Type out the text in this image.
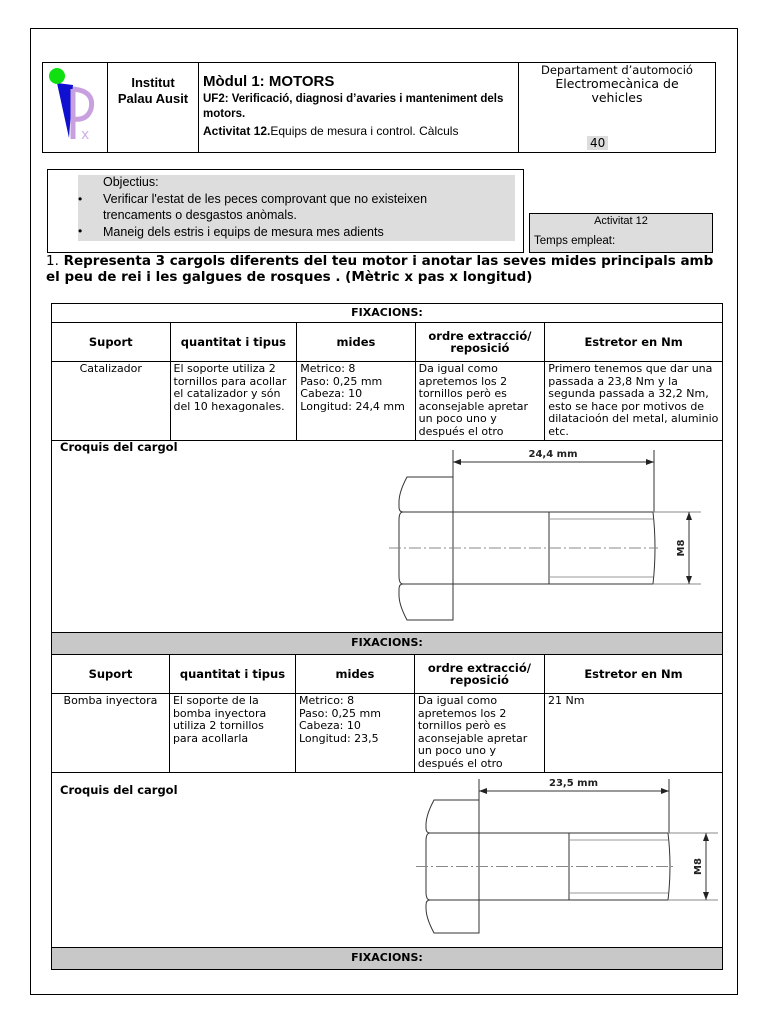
x
Institut
Palau Ausit
Mòdul 1: MOTORS
UF2: Verificació, diagnosi d’avaries i manteniment dels motors.
Activitat 12.Equips de mesura i control. Càlculs
Departament d’automoció
Electromecànica de vehicles
40
Objectius:
• Verificar l'estat de les peces comprovant que no existeixen
trencaments o desgastos anòmals.
• Maneig dels estris i equips de mesura mes adients
Activitat 12
Temps empleat:
1. Representa 3 cargols diferents del teu motor i anotar las seves mides principals amb el peu de rei i les galgues de rosques . (Mètric x pas x longitud)
FIXACIONS:				
Suport	quantitat i tipus	mides	ordre extracció/ reposició	Estretor en Nm
Catalizador	El soporte utiliza 2 tornillos para acollar el catalizador y són del 10 hexagonales.	Metrico: 8
Paso: 0,25 mm
Cabeza: 10
Longitud: 24,4 mm	Da igual como apretemos los 2 tornillos però es aconsejable apretar un poco uno y después el otro	Primero tenemos que dar una passada a 23,8 Nm y la segunda passada a 32,2 Nm, esto se hace por motivos de dilatacioón del metal, aluminio etc.

Croquis del cargol
24,4 mm
M8				
FIXACIONS:				
Suport	quantitat i tipus	mides	ordre extracció/ reposició	Estretor en Nm
Bomba inyectora	El soporte de la bomba inyectora utiliza 2 tornillos para acollarla	Metrico: 8
Paso: 0,25 mm
Cabeza: 10
Longitud: 23,5	Da igual como apretemos los 2 tornillos però es aconsejable apretar un poco uno y después el otro	21 Nm

Croquis del cargol 23,5 mm
M8				
FIXACIONS:
